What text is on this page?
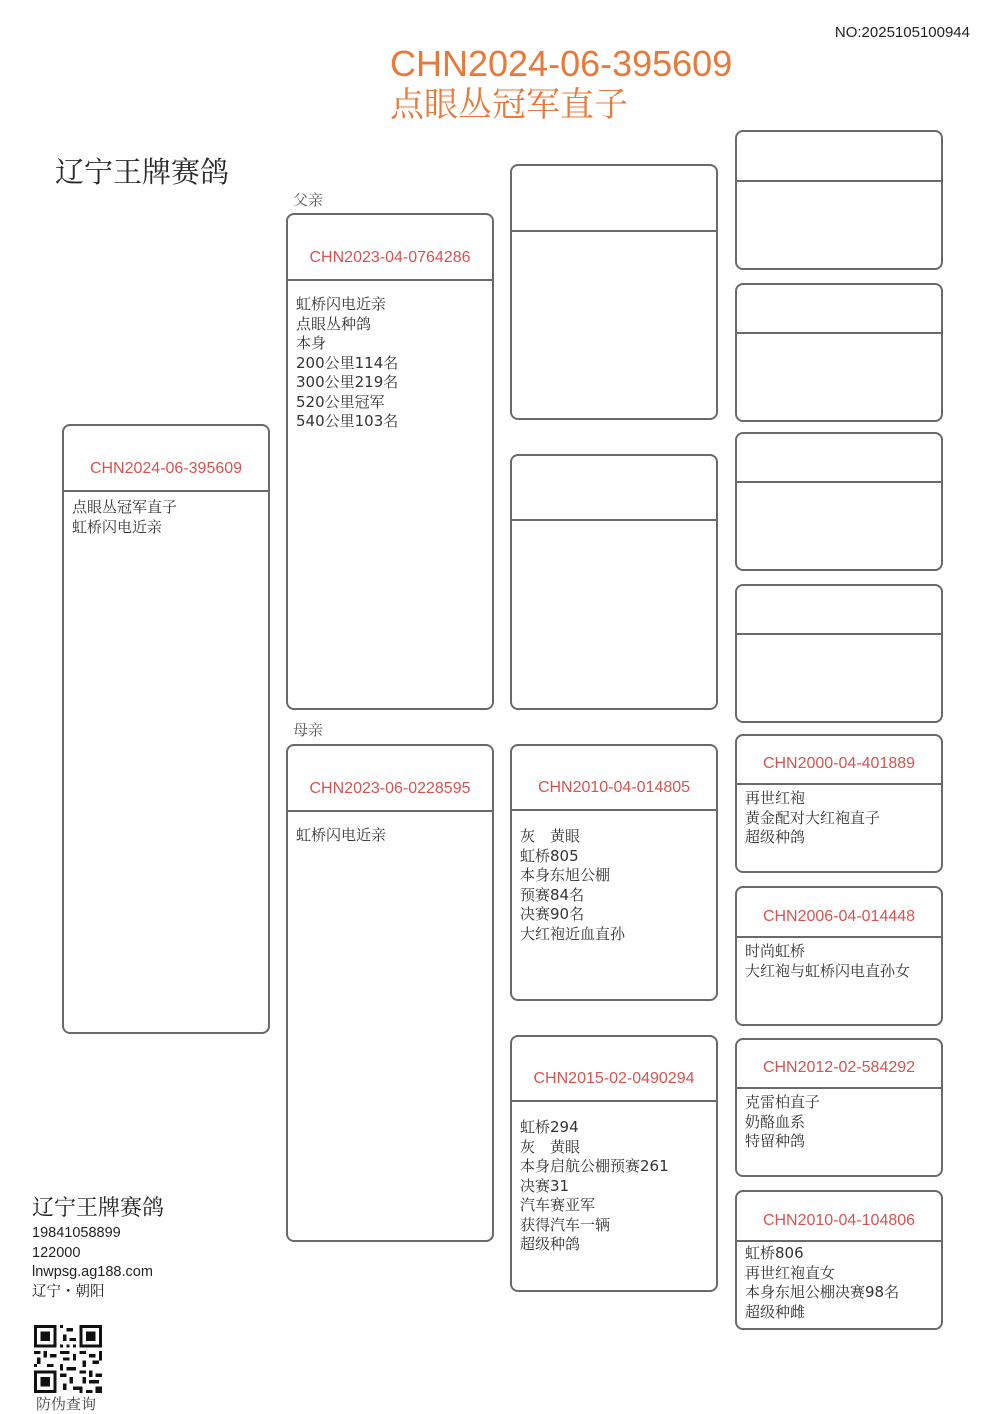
NO:2025105100944
CHN2024-06-395609
点眼丛冠军直子
辽宁王牌赛鸽
父亲
母亲
CHN2024-06-395609
点眼丛冠军直子
虹桥闪电近亲
CHN2023-04-0764286
虹桥闪电近亲
点眼丛种鸽
本身
200公里114名
300公里219名
520公里冠军
540公里103名
CHN2023-06-0228595
虹桥闪电近亲
CHN2010-04-014805
灰　黄眼
虹桥805
本身东旭公棚
预赛84名
决赛90名
大红袍近血直孙
CHN2015-02-0490294
虹桥294
灰　黄眼
本身启航公棚预赛261
决赛31
汽车赛亚军
获得汽车一辆
超级种鸽
CHN2000-04-401889
再世红袍
黄金配对大红袍直子
超级种鸽
CHN2006-04-014448
时尚虹桥
大红袍与虹桥闪电直孙女
CHN2012-02-584292
克雷柏直子
奶酪血系
特留种鸽
CHN2010-04-104806
虹桥806
再世红袍直女
本身东旭公棚决赛98名
超级种雌
辽宁王牌赛鸽
19841058899
122000
lnwpsg.ag188.com
辽宁・朝阳
防伪查询
